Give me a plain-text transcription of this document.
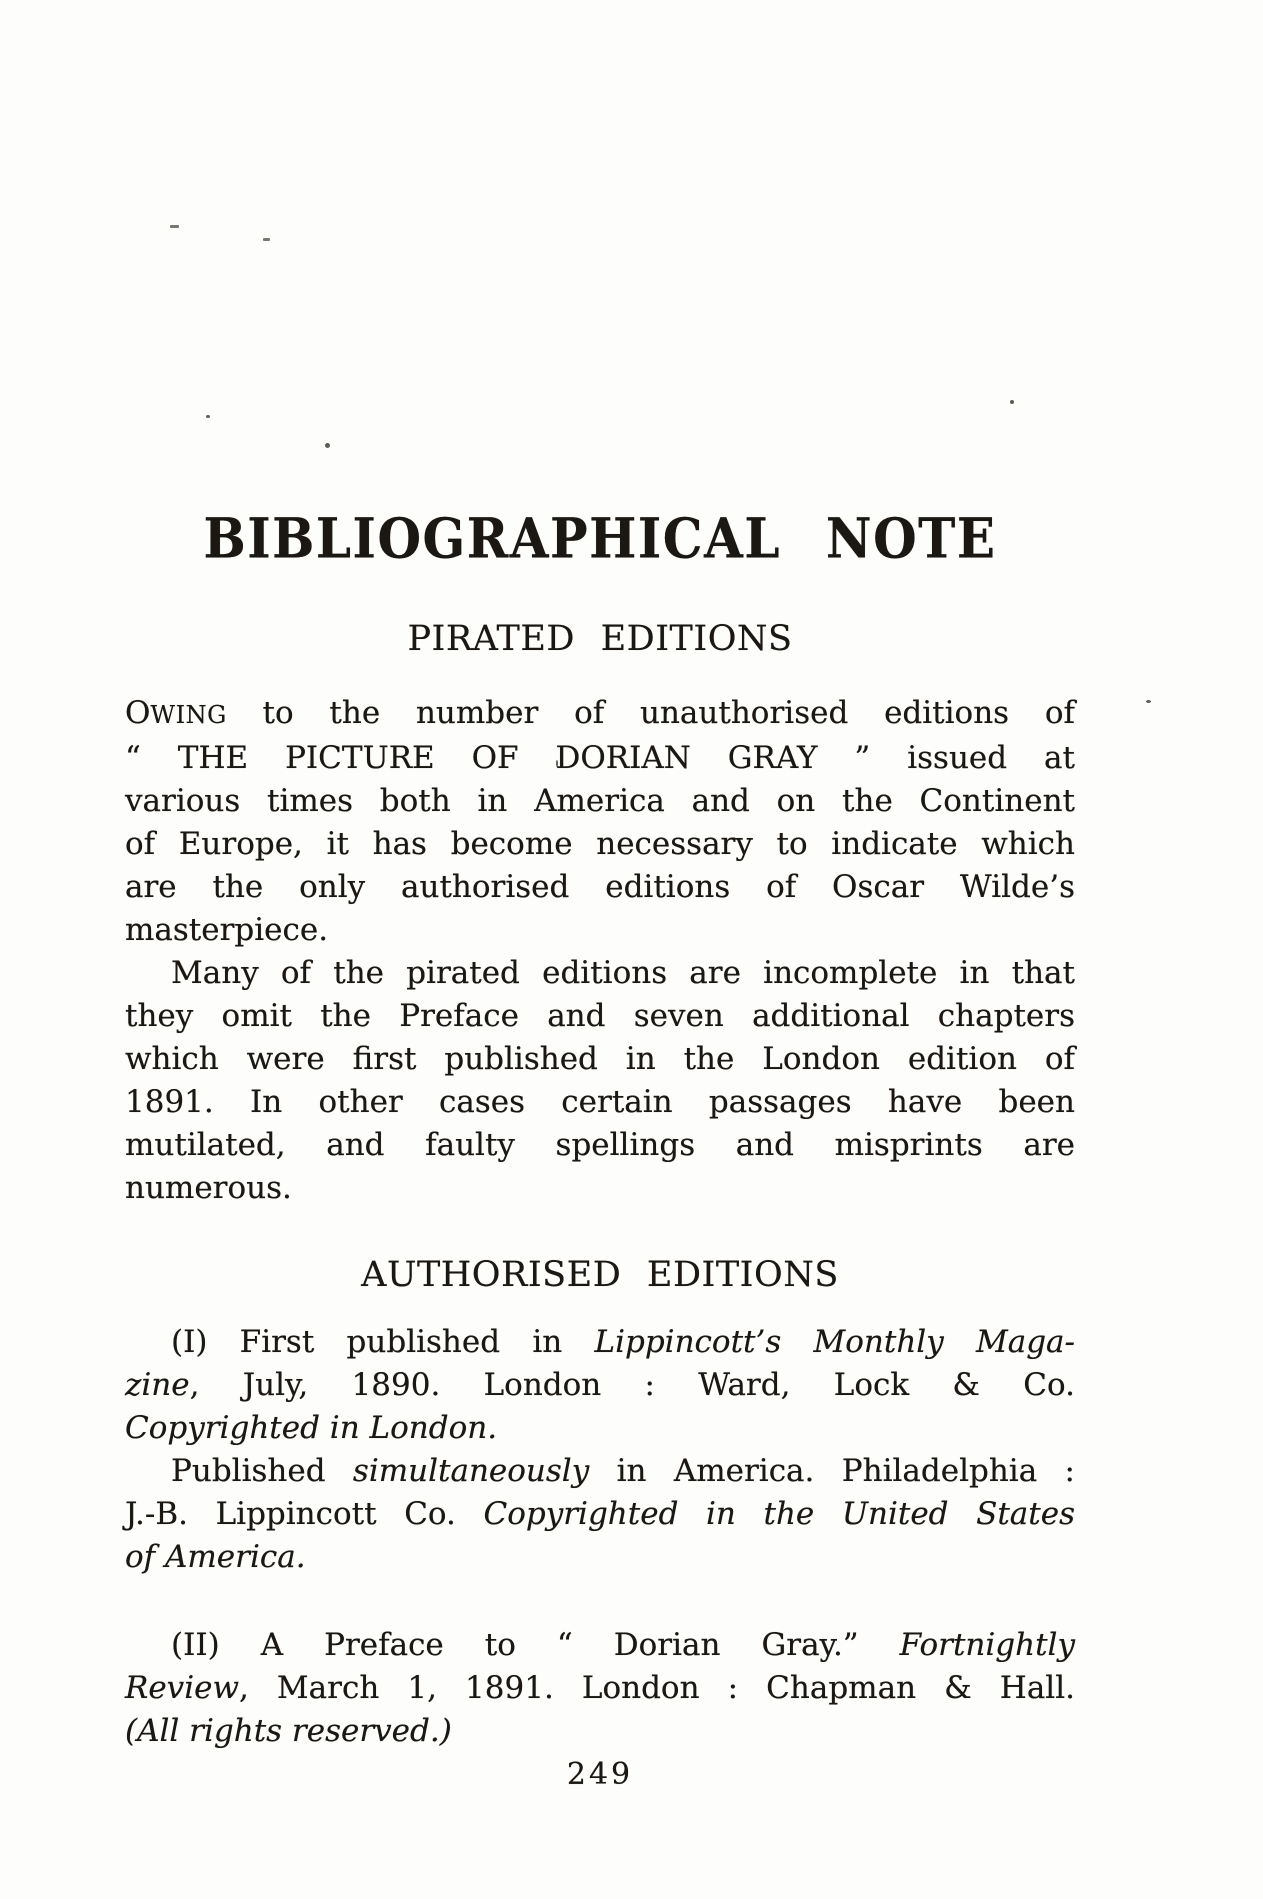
BIBLIOGRAPHICAL NOTE
PIRATED EDITIONS
OWING to the number of unauthorised editions of
“ THE PICTURE OF DORIAN GRAY ” issued at
various times both in America and on the Continent
of Europe, it has become necessary to indicate which
are the only authorised editions of Oscar Wilde’s
masterpiece.
Many of the pirated editions are incomplete in that
they omit the Preface and seven additional chapters
which were first published in the London edition of
1891. In other cases certain passages have been
mutilated, and faulty spellings and misprints are
numerous.
AUTHORISED EDITIONS
(I) First published in Lippincott’s Monthly Maga-
zine, July, 1890. London : Ward, Lock & Co.
Copyrighted in London.
Published simultaneously in America. Philadelphia :
J.-B. Lippincott Co. Copyrighted in the United States
of America.
(II) A Preface to “ Dorian Gray.” Fortnightly
Review, March 1, 1891. London : Chapman & Hall.
(All rights reserved.)
249
